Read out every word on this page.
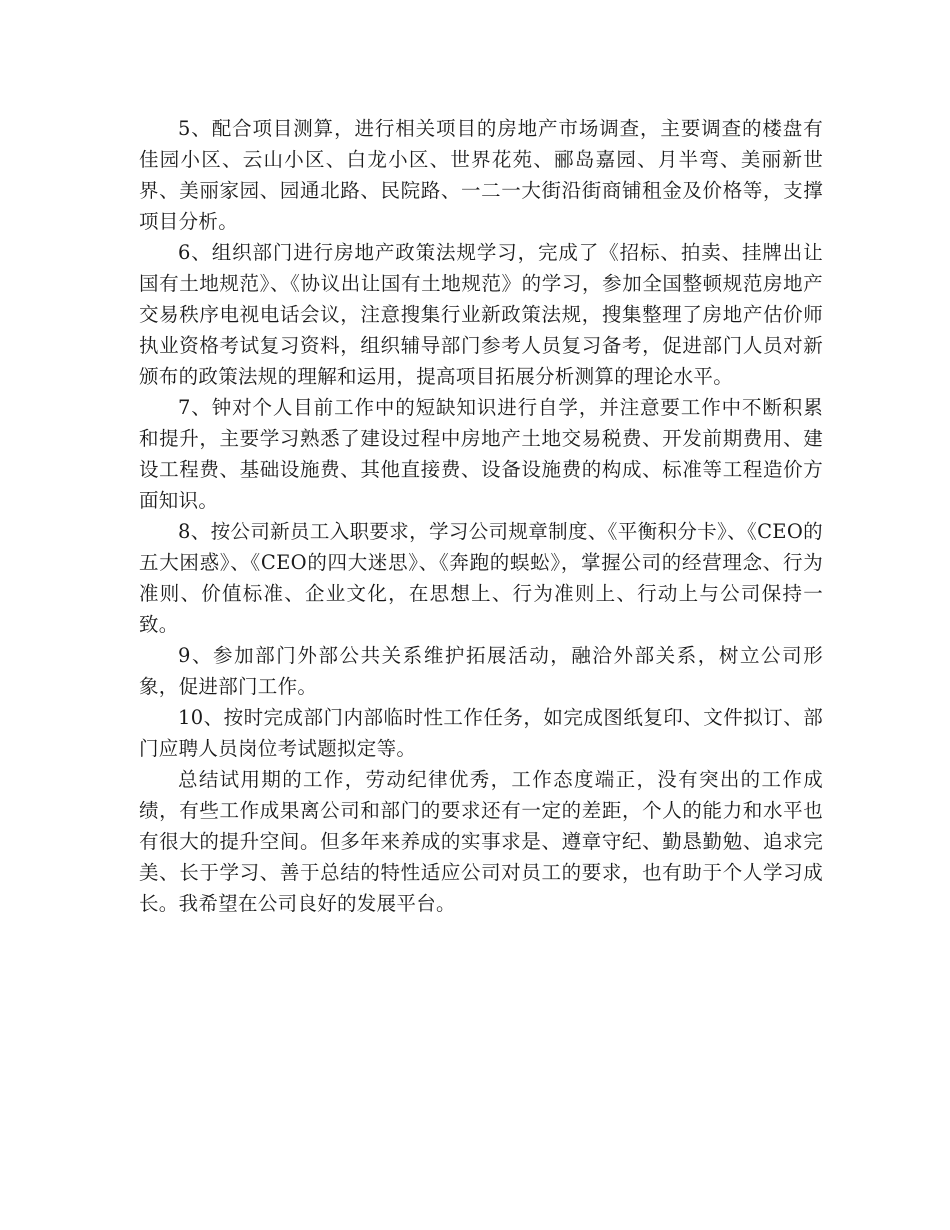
5、配合项目测算，进行相关项目的房地产市场调查，主要调查的楼盘有佳园小区、云山小区、白龙小区、世界花苑、郦岛嘉园、月半弯、美丽新世界、美丽家园、园通北路、民院路、一二一大街沿街商铺租金及价格等，支撑项目分析。

6、组织部门进行房地产政策法规学习，完成了《招标、拍卖、挂牌出让国有土地规范》、《协议出让国有土地规范》的学习，参加全国整顿规范房地产交易秩序电视电话会议，注意搜集行业新政策法规，搜集整理了房地产估价师执业资格考试复习资料，组织辅导部门参考人员复习备考，促进部门人员对新颁布的政策法规的理解和运用，提高项目拓展分析测算的理论水平。

7、钟对个人目前工作中的短缺知识进行自学，并注意要工作中不断积累和提升，主要学习熟悉了建设过程中房地产土地交易税费、开发前期费用、建设工程费、基础设施费、其他直接费、设备设施费的构成、标准等工程造价方面知识。

8、按公司新员工入职要求，学习公司规章制度、《平衡积分卡》、《CEO的五大困惑》、《CEO的四大迷思》、《奔跑的蜈蚣》，掌握公司的经营理念、行为准则、价值标准、企业文化，在思想上、行为准则上、行动上与公司保持一致。

9、参加部门外部公共关系维护拓展活动，融洽外部关系，树立公司形象，促进部门工作。

10、按时完成部门内部临时性工作任务，如完成图纸复印、文件拟订、部门应聘人员岗位考试题拟定等。

总结试用期的工作，劳动纪律优秀，工作态度端正，没有突出的工作成绩，有些工作成果离公司和部门的要求还有一定的差距，个人的能力和水平也有很大的提升空间。但多年来养成的实事求是、遵章守纪、勤恳勤勉、追求完美、长于学习、善于总结的特性适应公司对员工的要求，也有助于个人学习成长。我希望在公司良好的发展平台。
